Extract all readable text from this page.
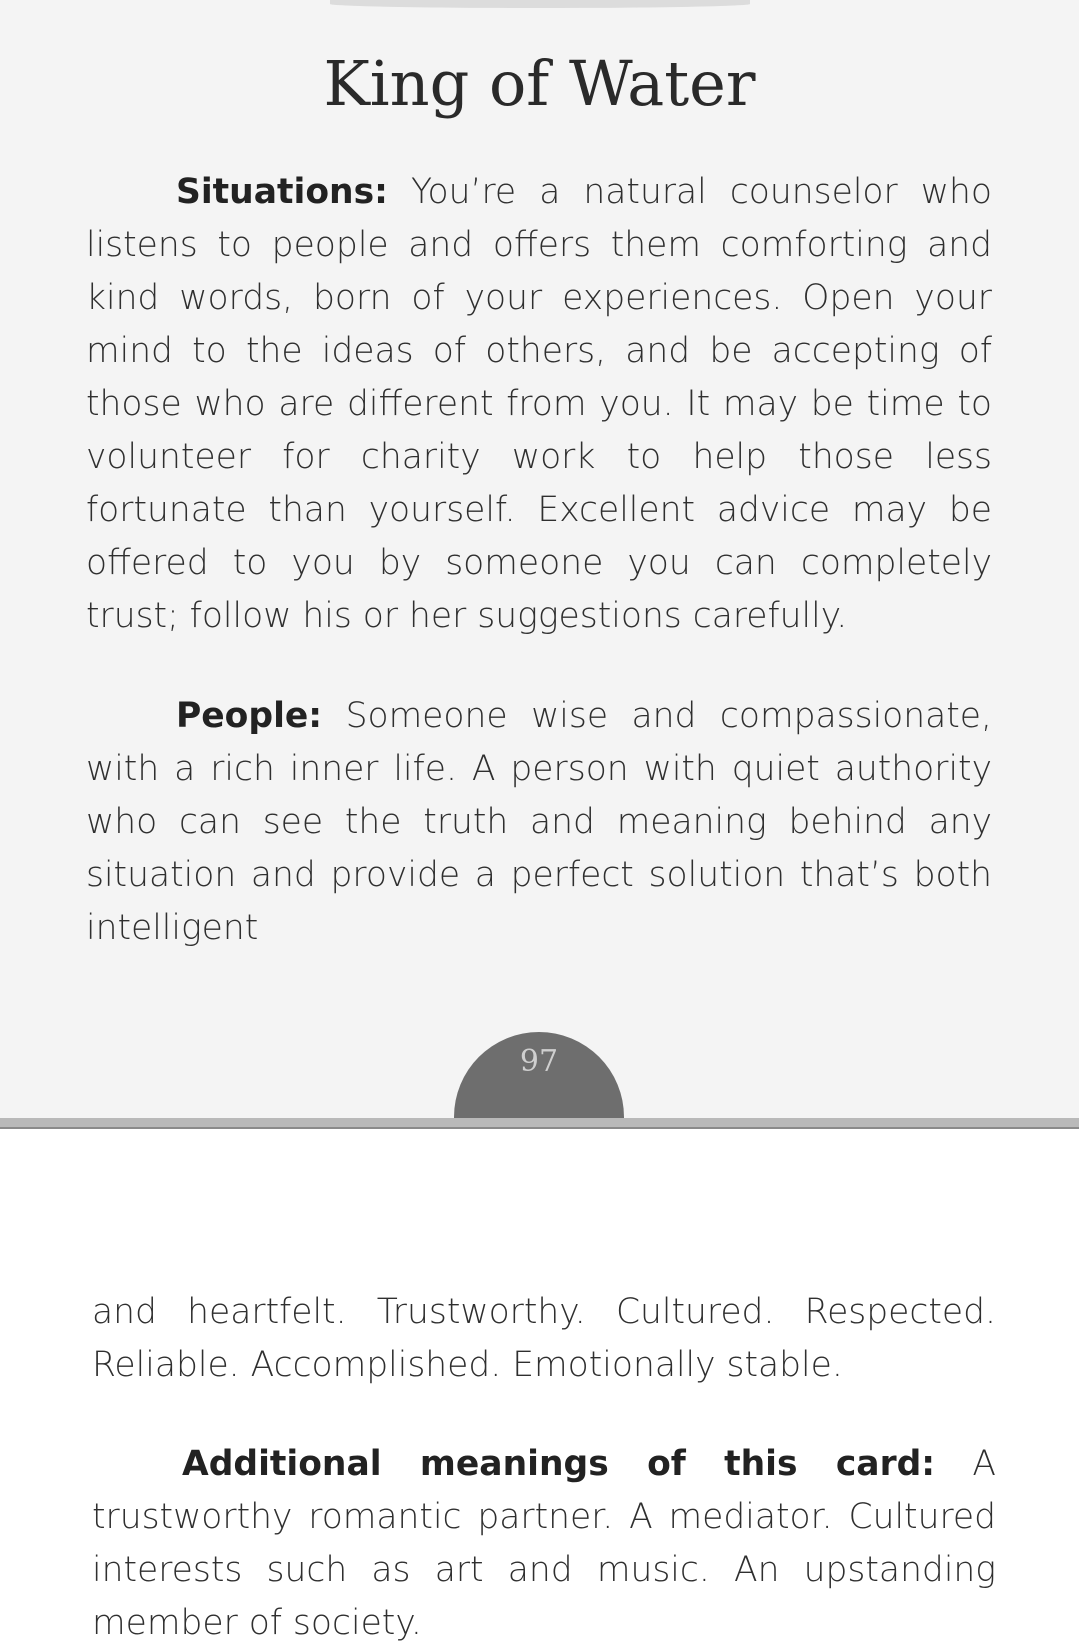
King of Water

Situations: You’re a natural counselor who listens to people and offers them comforting and kind words, born of your experiences. Open your mind to the ideas of others, and be accepting of those who are different from you. It may be time to volunteer for charity work to help those less fortunate than yourself. Excellent advice may be offered to you by someone you can completely trust; follow his or her suggestions carefully.

People: Someone wise and compassionate, with a rich inner life. A person with quiet authority who can see the truth and meaning behind any situation and provide a perfect solution that’s both intelligent

97

and heartfelt. Trustworthy. Cultured. Respected. Reliable. Accomplished. Emotionally stable.

Additional meanings of this card: A trustworthy romantic partner. A mediator. Cultured interests such as art and music. An upstanding member of society.
